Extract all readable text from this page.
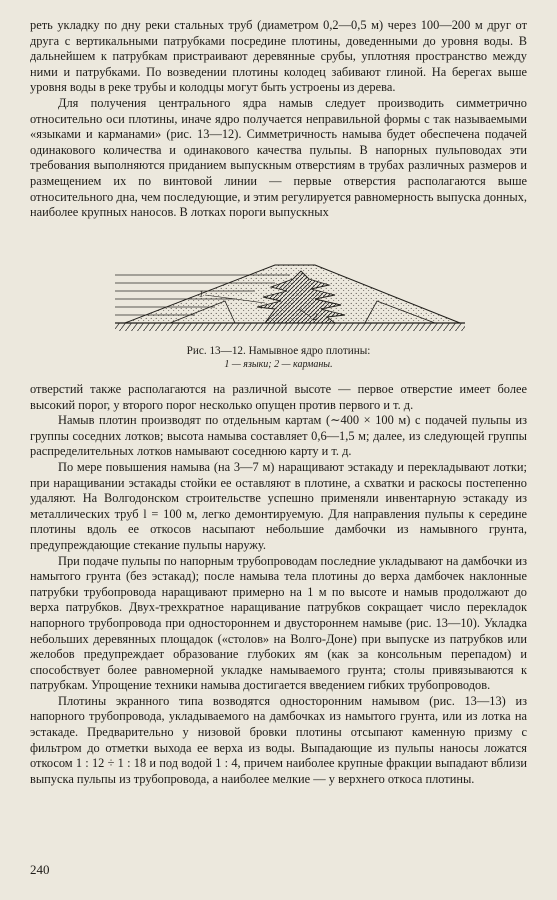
реть укладку по дну реки стальных труб (диаметром 0,2—0,5 м) через 100—200 м друг от друга с вертикальными патрубками посредине плотины, доведенными до уровня воды. В дальнейшем к патрубкам пристраивают деревянные срубы, уплотняя пространство между ними и патрубками. По возведении плотины колодец забивают глиной. На берегах выше уровня воды в реке трубы и колодцы могут быть устроены из дерева.

Для получения центрального ядра намыв следует производить симметрично относительно оси плотины, иначе ядро получается неправильной формы с так называемыми «языками и карманами» (рис. 13—12). Симметричность намыва будет обеспечена подачей одинакового количества и одинакового качества пульпы. В напорных пульповодах эти требования выполняются приданием выпускным отверстиям в трубах различных размеров и размещением их по винтовой линии — первые отверстия располагаются выше относительного дна, чем последующие, и этим регулируется равномерность выпуска донных, наиболее крупных наносов. В лотках пороги выпускных

1
2
Рис. 13—12. Намывное ядро плотины:
1 — языки; 2 — карманы.

отверстий также располагаются на различной высоте — первое отверстие имеет более высокий порог, у второго порог несколько опущен против первого и т. д.

Намыв плотин производят по отдельным картам (∼400 × 100 м) с подачей пульпы из группы соседних лотков; высота намыва составляет 0,6—1,5 м; далее, из следующей группы распределительных лотков намывают соседнюю карту и т. д.

По мере повышения намыва (на 3—7 м) наращивают эстакаду и перекладывают лотки; при наращивании эстакады стойки ее оставляют в плотине, а схватки и раскосы постепенно удаляют. На Волгодонском строительстве успешно применяли инвентарную эстакаду из металлических труб l = 100 м, легко демонтируемую. Для направления пульпы к середине плотины вдоль ее откосов насыпают небольшие дамбочки из намывного грунта, предупреждающие стекание пульпы наружу.

При подаче пульпы по напорным трубопроводам последние укладывают на дамбочки из намытого грунта (без эстакад); после намыва тела плотины до верха дамбочек наклонные патрубки трубопровода наращивают примерно на 1 м по высоте и намыв продолжают до верха патрубков. Двух-трехкратное наращивание патрубков сокращает число перекладок напорного трубопровода при одностороннем и двустороннем намыве (рис. 13—10). Укладка небольших деревянных площадок («столов» на Волго-Доне) при выпуске из патрубков или желобов предупреждает образование глубоких ям (как за консольным перепадом) и способствует более равномерной укладке намываемого грунта; столы привязываются к патрубкам. Упрощение техники намыва достигается введением гибких трубопроводов.

Плотины экранного типа возводятся односторонним намывом (рис. 13—13) из напорного трубопровода, укладываемого на дамбочках из намытого грунта, или из лотка на эстакаде. Предварительно у низовой бровки плотины отсыпают каменную призму с фильтром до отметки выхода ее верха из воды. Выпадающие из пульпы наносы ложатся откосом 1 : 12 ÷ 1 : 18 и под водой 1 : 4, причем наиболее крупные фракции выпадают вблизи выпуска пульпы из трубопровода, а наиболее мелкие — у верхнего откоса плотины.

240
